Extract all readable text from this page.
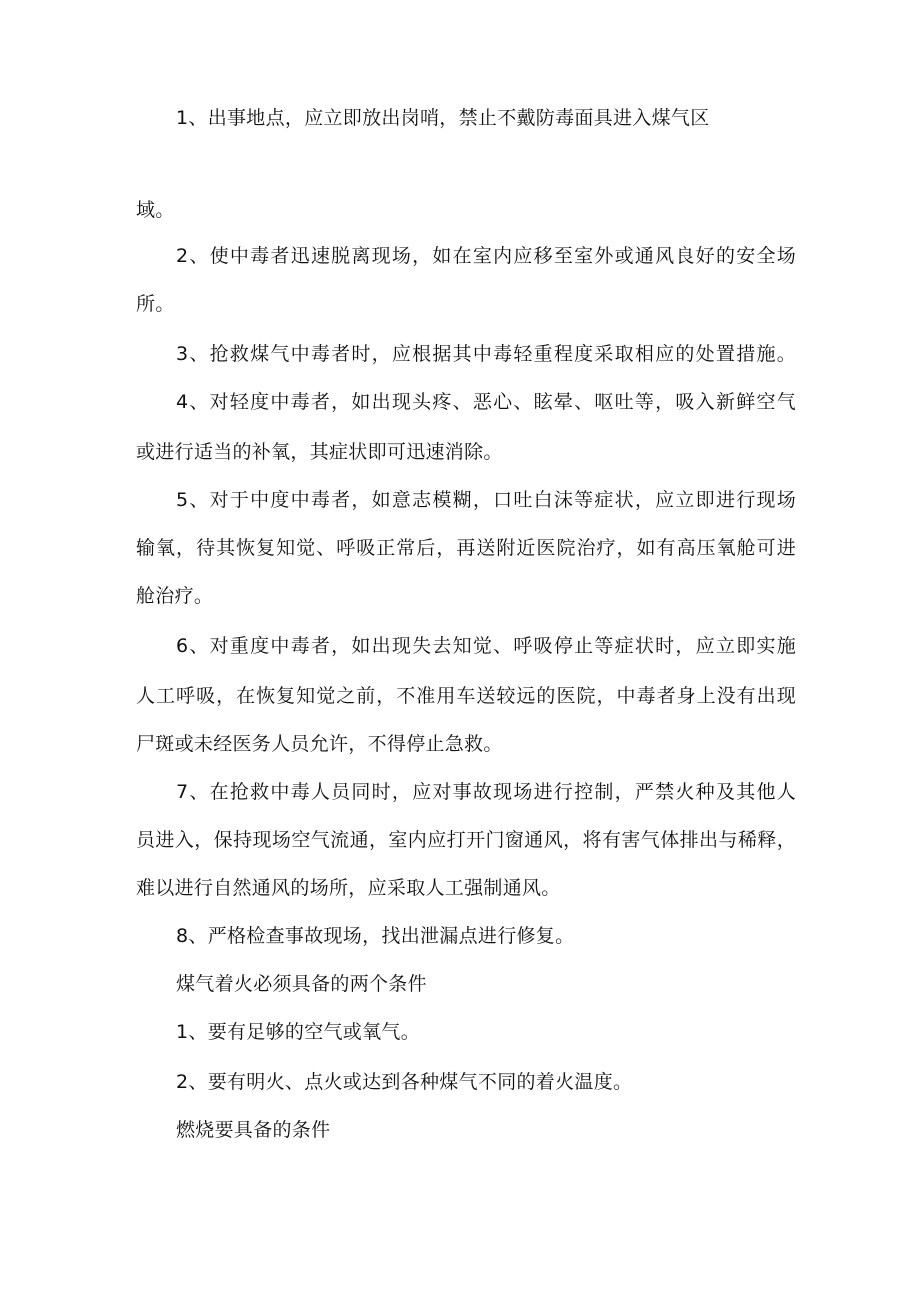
1、出事地点，应立即放出岗哨，禁止不戴防毒面具进入煤气区
域。
2、使中毒者迅速脱离现场，如在室内应移至室外或通风良好的安全场
所。
3、抢救煤气中毒者时，应根据其中毒轻重程度采取相应的处置措施。
4、对轻度中毒者，如出现头疼、恶心、眩晕、呕吐等，吸入新鲜空气
或进行适当的补氧，其症状即可迅速消除。
5、对于中度中毒者，如意志模糊，口吐白沫等症状，应立即进行现场
输氧，待其恢复知觉、呼吸正常后，再送附近医院治疗，如有高压氧舱可进
舱治疗。
6、对重度中毒者，如出现失去知觉、呼吸停止等症状时，应立即实施
人工呼吸，在恢复知觉之前，不准用车送较远的医院，中毒者身上没有出现
尸斑或未经医务人员允许，不得停止急救。
7、在抢救中毒人员同时，应对事故现场进行控制，严禁火种及其他人
员进入，保持现场空气流通，室内应打开门窗通风，将有害气体排出与稀释，
难以进行自然通风的场所，应采取人工强制通风。
8、严格检查事故现场，找出泄漏点进行修复。
煤气着火必须具备的两个条件
1、要有足够的空气或氧气。
2、要有明火、点火或达到各种煤气不同的着火温度。
燃烧要具备的条件
